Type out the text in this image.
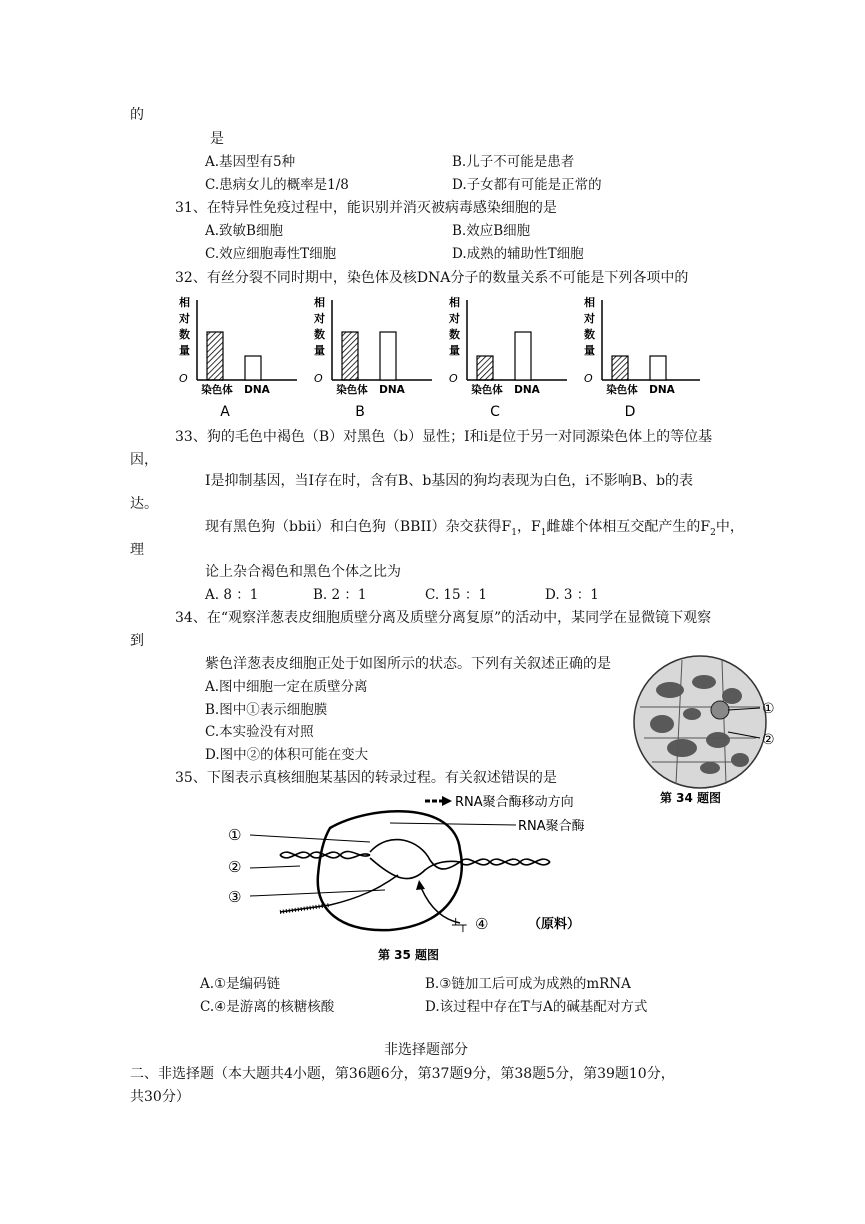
的
是
A.基因型有5种	B.儿子不可能是患者
C.患病女儿的概率是1/8	D.子女都有可能是正常的
31、在特异性免疫过程中，能识别并消灭被病毒感染细胞的是
A.致敏B细胞	B.效应B细胞
C.效应细胞毒性T细胞	D.成熟的辅助性T细胞
32、有丝分裂不同时期中，染色体及核DNA分子的数量关系不可能是下列各项中的
相
对
数
量
O
染色体 DNA
A
相
对
数
量
O
染色体 DNA
B
相
对
数
量
O
染色体 DNA
C
相
对
数
量
O
染色体 DNA
D
33、狗的毛色中褐色（B）对黑色（b）显性；I和i是位于另一对同源染色体上的等位基
因，
I是抑制基因，当I存在时，含有B、b基因的狗均表现为白色，i不影响B、b的表
达。
现有黑色狗（bbii）和白色狗（BBII）杂交获得$F_1$，$F_1$雌雄个体相互交配产生的$F_2$中，
理
论上杂合褐色和黑色个体之比为
A. 8 ：1	B. 2 ：1	C. 15 ：1	D. 3 ：1
34、在“观察洋葱表皮细胞质壁分离及质壁分离复原”的活动中，某同学在显微镜下观察
到
紫色洋葱表皮细胞正处于如图所示的状态。下列有关叙述正确的是
A.图中细胞一定在质壁分离
B.图中①表示细胞膜
C.本实验没有对照
D.图中②的体积可能在变大
①
②
第 34 题图
35、下图表示真核细胞某基因的转录过程。有关叙述错误的是
RNA聚合酶移动方向
RNA聚合酶
①
②
③
┴┬ ④	（原料）
第 35 题图
A.①是编码链	B.③链加工后可成为成熟的mRNA
C.④是游离的核糖核酸	D.该过程中存在T与A的碱基配对方式
非选择题部分
二、非选择题（本大题共4小题，第36题6分，第37题9分，第38题5分，第39题10分，
共30分）
